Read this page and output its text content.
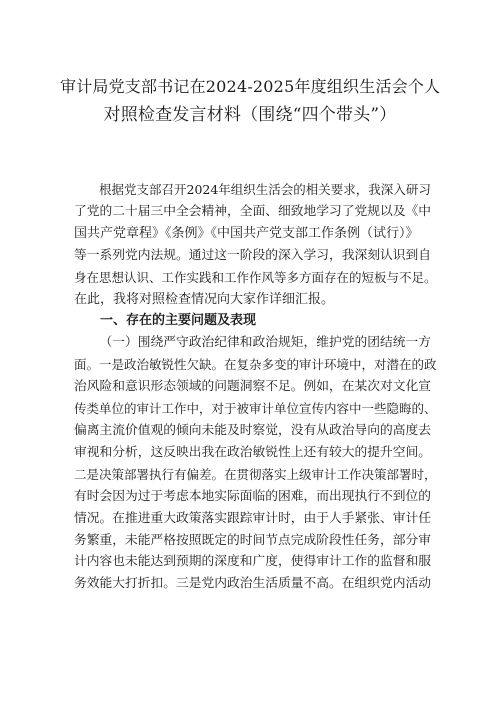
审计局党支部书记在2024-2025年度组织生活会个人
对照检查发言材料（围绕“四个带头”）

根据党支部召开2024年组织生活会的相关要求，我深入研习

了党的二十届三中全会精神，全面、细致地学习了党规以及《中

国共产党章程》《条例》《中国共产党支部工作条例（试行）》

等一系列党内法规。通过这一阶段的深入学习，我深刻认识到自

身在思想认识、工作实践和工作作风等多方面存在的短板与不足。

在此，我将对照检查情况向大家作详细汇报。

一、存在的主要问题及表现

（一）围绕严守政治纪律和政治规矩，维护党的团结统一方

面。一是政治敏锐性欠缺。在复杂多变的审计环境中，对潜在的政

治风险和意识形态领域的问题洞察不足。例如，在某次对文化宣

传类单位的审计工作中，对于被审计单位宣传内容中一些隐晦的、

偏离主流价值观的倾向未能及时察觉，没有从政治导向的高度去

审视和分析，这反映出我在政治敏锐性上还有较大的提升空间。

二是决策部署执行有偏差。在贯彻落实上级审计工作决策部署时，

有时会因为过于考虑本地实际面临的困难，而出现执行不到位的

情况。在推进重大政策落实跟踪审计时，由于人手紧张、审计任

务繁重，未能严格按照既定的时间节点完成阶段性任务，部分审

计内容也未能达到预期的深度和广度，使得审计工作的监督和服

务效能大打折扣。三是党内政治生活质量不高。在组织党内活动
